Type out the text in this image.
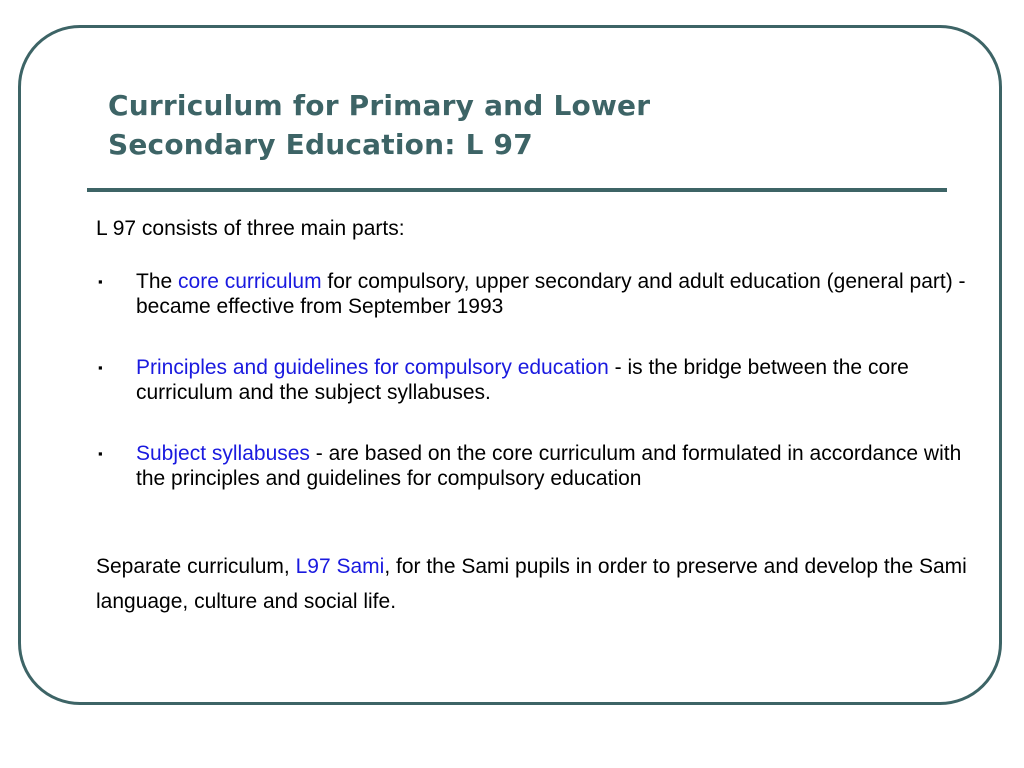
Curriculum for Primary and Lower
Secondary Education: L 97

L 97 consists of three main parts:

▪ The core curriculum for compulsory, upper secondary and adult education (general part) - became effective from September 1993
▪ Principles and guidelines for compulsory education - is the bridge between the core curriculum and the subject syllabuses.
▪ Subject syllabuses - are based on the core curriculum and formulated in accordance with the principles and guidelines for compulsory education

Separate curriculum, L97 Sami, for the Sami pupils in order to preserve and develop the Sami language, culture and social life.
